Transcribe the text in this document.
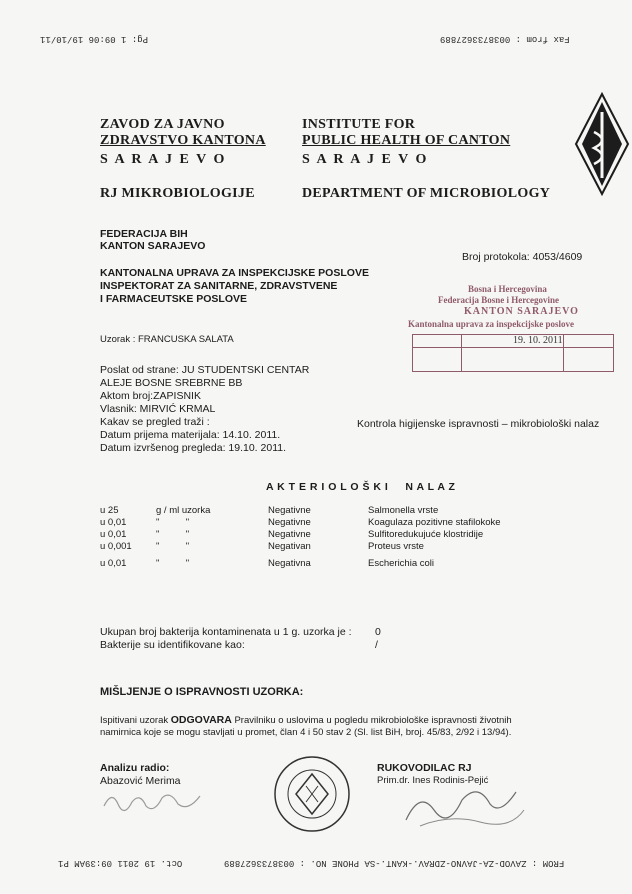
Pg: 1 09:06 19/10/11	Fax from : 0038733627889
ZAVOD ZA JAVNO
ZDRAVSTVO KANTONA
S A R A J E V O
RJ MIKROBIOLOGIJE
INSTITUTE FOR
PUBLIC HEALTH OF CANTON
S A R A J E V O
DEPARTMENT OF MICROBIOLOGY
FEDERACIJA BIH
KANTON SARAJEVO
KANTONALNA UPRAVA ZA INSPEKCIJSKE POSLOVE
INSPEKTORAT ZA SANITARNE, ZDRAVSTVENE
I FARMACEUTSKE POSLOVE
Broj protokola: 4053/4609
Bosna i Hercegovina
Federacija Bosne i Hercegovine
KANTON SARAJEVO
Kantonalna uprava za inspekcijske poslove
19. 10. 2011
Uzorak : FRANCUSKA SALATA
Poslat od strane: JU STUDENTSKI CENTAR
ALEJE BOSNE SREBRNE BB
Aktom broj:ZAPISNIK
Vlasnik: MIRVIĆ KRMAL
Kakav se pregled traži :	Kontrola higijenske ispravnosti – mikrobiološki nalaz
Datum prijema materijala: 14.10. 2011.
Datum izvršenog pregleda: 19.10. 2011.
A K T E R I O L O Š K I     N A L A Z
u 25	g / ml uzorka	Negativne	Salmonella vrste
u 0,01	"          "	Negativne	Koagulaza pozitivne stafilokoke
u 0,01	"          "	Negativne	Sulfitoredukujuće klostridije
u 0,001	"          "	Negativan	Proteus vrste
u 0,01	"          "	Negativna	Escherichia coli
Ukupan broj bakterija kontaminenata u 1 g. uzorka je : 0
Bakterije su identifikovane kao:	/
MIŠLJENJE O ISPRAVNOSTI UZORKA:
Ispitivani uzorak ODGOVARA Pravilniku o uslovima u pogledu mikrobiološke ispravnosti životnih
namirnica koje se mogu stavljati u promet, član 4 i 50 stav 2 (Sl. list BiH, broj. 45/83, 2/92 i 13/94).
Analizu radio:
Abazović Merima
RUKOVODILAC RJ
Prim.dr. Ines Rodinis-Pejić
Oct. 19 2011 09:39AM P1	FROM : ZAVOD-ZA-JAVNO-ZDRAV.-KANT.-SA PHONE NO. : 0038733627889
